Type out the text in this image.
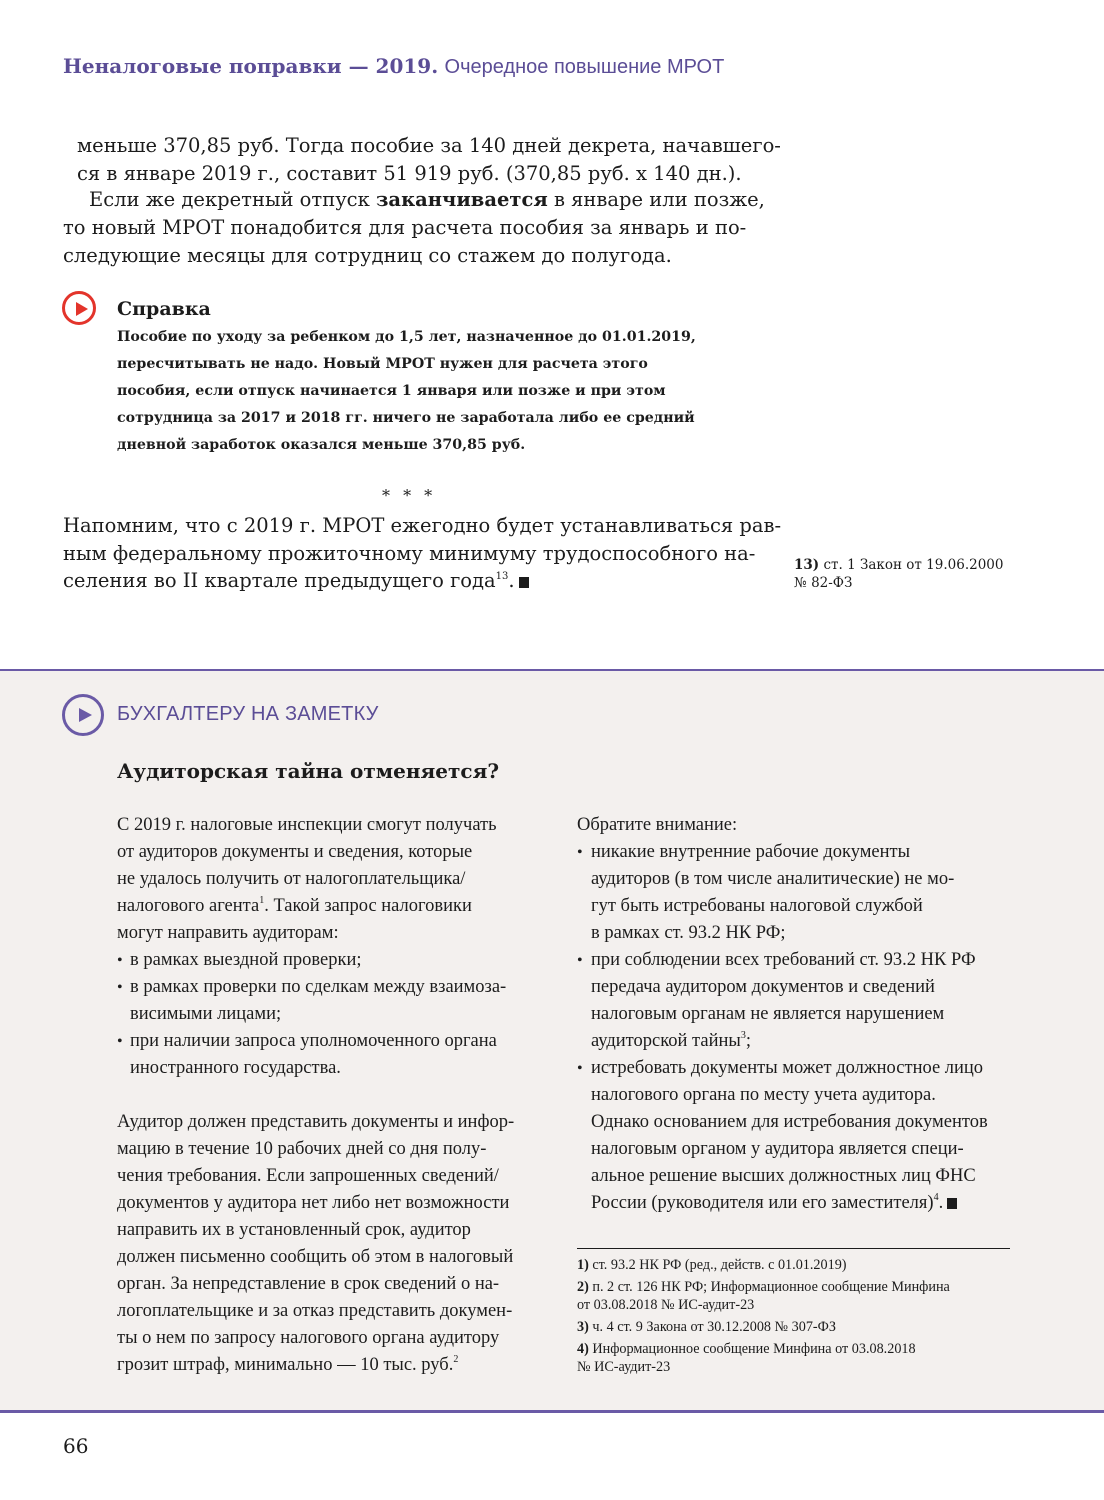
Неналоговые поправки — 2019. Очередное повышение МРОТ
меньше 370,85 руб. Тогда пособие за 140 дней декрета, начавшего-
ся в январе 2019 г., составит 51 919 руб. (370,85 руб. х 140 дн.).
Если же декретный отпуск заканчивается в январе или позже,
то новый МРОТ понадобится для расчета пособия за январь и по-
следующие месяцы для сотрудниц со стажем до полугода.
Справка
Пособие по уходу за ребенком до 1,5 лет, назначенное до 01.01.2019,
пересчитывать не надо. Новый МРОТ нужен для расчета этого
пособия, если отпуск начинается 1 января или позже и при этом
сотрудница за 2017 и 2018 гг. ничего не заработала либо ее средний
дневной заработок оказался меньше 370,85 руб.
* * *
Напомним, что с 2019 г. МРОТ ежегодно будет устанавливаться рав-
ным федеральному прожиточному минимуму трудоспособного на-
селения во II квартале предыдущего года$^{13}$.
13) ст. 1 Закон от 19.06.2000
№ 82-ФЗ
БУХГАЛТЕРУ НА ЗАМЕТКУ
Аудиторская тайна отменяется?
С 2019 г. налоговые инспекции смогут получать
от аудиторов документы и сведения, которые
не удалось получить от налогоплательщика/
налогового агента$^1$. Такой запрос налоговики
могут направить аудиторам:
• в рамках выездной проверки;
• в рамках проверки по сделкам между взаимоза-
висимыми лицами;
• при наличии запроса уполномоченного органа
иностранного государства.
Аудитор должен представить документы и инфор-
мацию в течение 10 рабочих дней со дня полу-
чения требования. Если запрошенных сведений/
документов у аудитора нет либо нет возможности
направить их в установленный срок, аудитор
должен письменно сообщить об этом в налоговый
орган. За непредставление в срок сведений о на-
логоплательщике и за отказ представить докумен-
ты о нем по запросу налогового органа аудитору
грозит штраф, минимально — 10 тыс. руб.$^2$
Обратите внимание:
• никакие внутренние рабочие документы
аудиторов (в том числе аналитические) не мо-
гут быть истребованы налоговой службой
в рамках ст. 93.2 НК РФ;
• при соблюдении всех требований ст. 93.2 НК РФ
передача аудитором документов и сведений
налоговым органам не является нарушением
аудиторской тайны$^3$;
• истребовать документы может должностное лицо
налогового органа по месту учета аудитора.
Однако основанием для истребования документов
налоговым органом у аудитора является специ-
альное решение высших должностных лиц ФНС
России (руководителя или его заместителя)$^4$.
1) ст. 93.2 НК РФ (ред., действ. с 01.01.2019)
2) п. 2 ст. 126 НК РФ; Информационное сообщение Минфина
от 03.08.2018 № ИС-аудит-23
3) ч. 4 ст. 9 Закона от 30.12.2008 № 307-ФЗ
4) Информационное сообщение Минфина от 03.08.2018
№ ИС-аудит-23
66
